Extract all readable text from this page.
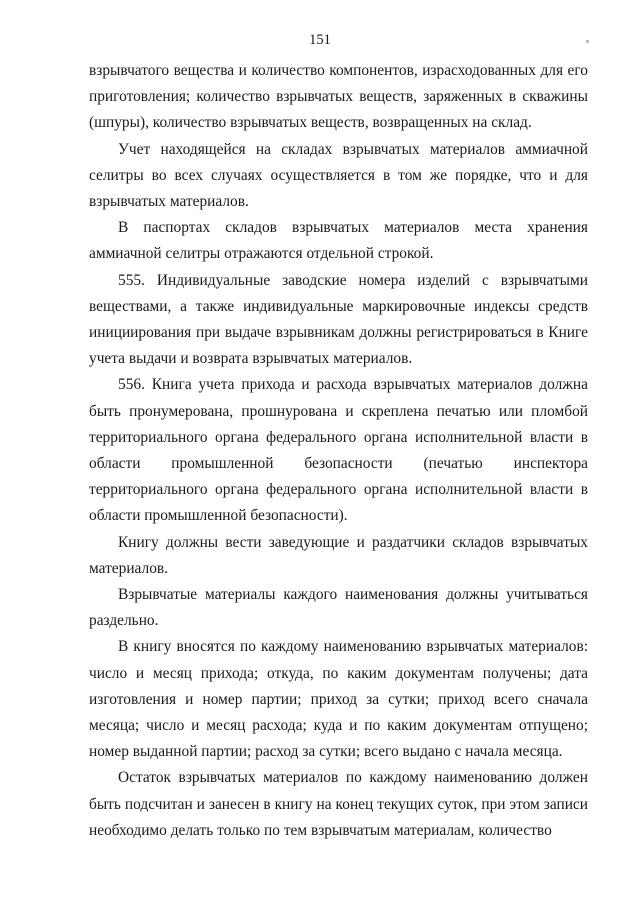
151

взрывчатого вещества и количество компонентов, израсходованных для его приготовления; количество взрывчатых веществ, заряженных в скважины (шпуры), количество взрывчатых веществ, возвращенных на склад.

Учет находящейся на складах взрывчатых материалов аммиачной селитры во всех случаях осуществляется в том же порядке, что и для взрывчатых материалов.

В паспортах складов взрывчатых материалов места хранения аммиачной селитры отражаются отдельной строкой.

555. Индивидуальные заводские номера изделий с взрывчатыми веществами, а также индивидуальные маркировочные индексы средств инициирования при выдаче взрывникам должны регистрироваться в Книге учета выдачи и возврата взрывчатых материалов.

556. Книга учета прихода и расхода взрывчатых материалов должна быть пронумерована, прошнурована и скреплена печатью или пломбой территориального органа федерального органа исполнительной власти в области промышленной безопасности (печатью инспектора территориального органа федерального органа исполнительной власти в области промышленной безопасности).

Книгу должны вести заведующие и раздатчики складов взрывчатых материалов.

Взрывчатые материалы каждого наименования должны учитываться раздельно.

В книгу вносятся по каждому наименованию взрывчатых материалов: число и месяц прихода; откуда, по каким документам получены; дата изготовления и номер партии; приход за сутки; приход всего сначала месяца; число и месяц расхода; куда и по каким документам отпущено; номер выданной партии; расход за сутки; всего выдано с начала месяца.

Остаток взрывчатых материалов по каждому наименованию должен быть подсчитан и занесен в книгу на конец текущих суток, при этом записи необходимо делать только по тем взрывчатым материалам, количество
